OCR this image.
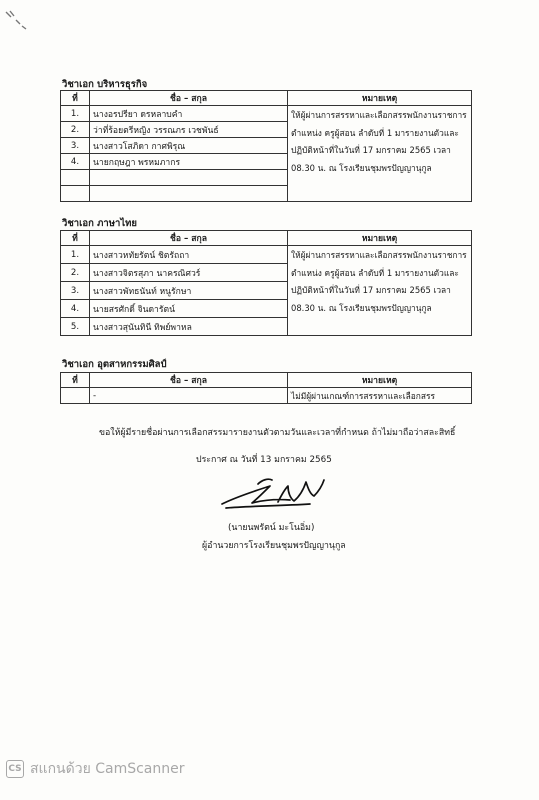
วิชาเอก บริหารธุรกิจ
ที่	ชื่อ – สกุล	หมายเหตุ
1.	นางอรปรียา ดรหลาบคำ	ให้ผู้ผ่านการสรรหาและเลือกสรรพนักงานราชการตำแหน่ง ครูผู้สอน ลำดับที่ 1 มารายงานตัวและปฏิบัติหน้าที่ในวันที่ 17 มกราคม 2565 เวลา 08.30 น. ณ โรงเรียนชุมพรปัญญานุกูล
2.	ว่าที่ร้อยตรีหญิง วรรณภร เวชพันธ์	
3.	นางสาวโสภิดา กาศพิรุณ	
4.	นายกฤษฎา พรหมภากร	

วิชาเอก ภาษาไทย
ที่	ชื่อ – สกุล	หมายเหตุ
1.	นางสาวหทัยรัตน์ ชิตรัถถา	ให้ผู้ผ่านการสรรหาและเลือกสรรพนักงานราชการตำแหน่ง ครูผู้สอน ลำดับที่ 1 มารายงานตัวและปฏิบัติหน้าที่ในวันที่ 17 มกราคม 2565 เวลา 08.30 น. ณ โรงเรียนชุมพรปัญญานุกูล
2.	นางสาวจิตรสุภา นาครณิศวร์	
3.	นางสาวพัทธนันท์ หนูรักษา	
4.	นายสรศักดิ์ จินดารัตน์	
5.	นางสาวสุนันทินี ทิพย์พาหล	
วิชาเอก อุตสาหกรรมศิลป์
ที่	ชื่อ – สกุล	หมายเหตุ
	-	ไม่มีผู้ผ่านเกณฑ์การสรรหาและเลือกสรร
ขอให้ผู้มีรายชื่อผ่านการเลือกสรรมารายงานตัวตามวันและเวลาที่กำหนด ถ้าไม่มาถือว่าสละสิทธิ์
ประกาศ ณ วันที่ 13 มกราคม 2565
(นายนพรัตน์ มะโนอิ่ม)
ผู้อำนวยการโรงเรียนชุมพรปัญญานุกูล
CS สแกนด้วย CamScanner
